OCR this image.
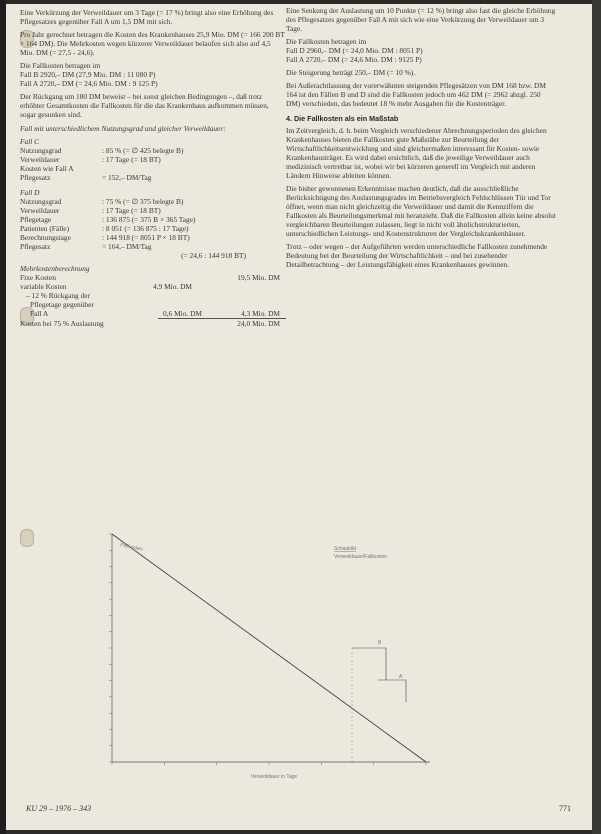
Eine Verkürzung der Verweildauer um 3 Tage (= 17 %) bringt also eine Erhöhung des Pflegesatzes gegenüber Fall A um 1,5 DM mit sich.

Pro Jahr gerechnet betragen die Kosten des Krankenhauses 25,9 Mio. DM (= 166 200 BT × 164 DM). Die Mehrkosten wegen kürzerer Verweildauer belaufen sich also auf 4,5 Mio. DM (= 27,5 - 24,6).

Die Fallkosten betragen im
Fall B 2920,– DM (27,9 Mio. DM : 11 080 P)
Fall A 2720,– DM (= 24,6 Mio. DM : 9 125 P)

Der Rückgang um 180 DM beweist – bei sonst gleichen Bedingungen –, daß trotz erhöhter Gesamtkosten die Fallkosten für die das Krankenhaus aufkommen müssen, sogar gesunken sind.

Fall mit unterschiedlichem Nutzungsgrad und gleicher Verweildauer:

Fall C
Nutzungsgrad	: 85 % (= ∅ 425 belegte B)
Verweildauer	: 17 Tage (= 18 BT)
Kosten wie Fall A
Pflegesatz	= 152,– DM/Tag
Fall D
Nutzungsgrad	: 75 % (= ∅ 375 belegte B)
Verweildauer	: 17 Tage (= 18 BT)
Pflegetage	: 136 875 (= 375 B × 365 Tage)
Patienten (Fälle)	: 8 051 (= 136 875 : 17 Tage)
Berechnungstage	: 144 918 (= 8051 P × 18 BT)
Pflegesatz	= 164,– DM/Tag
(= 24,6 : 144 918 BT)
Mehrkostenberechnung
Fixe Kosten	19,5 Mio. DM
variable Kosten	4,9 Mio. DM
– 12 % Rückgang der
Pflegetage gegenüber
Fall A	0,6 Mio. DM	4,3 Mio. DM
Kosten bei 75 % Auslastung	24,0 Mio. DM

Eine Senkung der Auslastung um 10 Punkte (= 12 %) bringt also fast die gleiche Erhöhung des Pflegesatzes gegenüber Fall A mit sich wie eine Verkürzung der Verweildauer um 3 Tage.

Die Fallkosten betragen im
Fall D 2960,– DM (= 24,0 Mio. DM : 8051 P)
Fall A 2720,– DM (= 24,6 Mio. DM : 9125 P)

Die Steigerung beträgt 250,– DM (= 10 %).

Bei Außerachtlassung der vorerwähnten steigenden Pflegesätzen von DM 168 bzw. DM 164 ist den Fällen B und D sind die Fallkosten jedoch um 462 DM (= 2962 abzgl. 250 DM) verschieden, das bedeutet 18 % mehr Ausgaben für die Kostenträger.

4. Die Fallkosten als ein Maßstab

Im Zeitvergleich, d. h. beim Vergleich verschiedener Abrechnungsperioden des gleichen Krankenhauses bieten die Fallkosten gute Maßstäbe zur Beurteilung der Wirtschaftlichkeitsentwicklung und sind gleichermaßen interessant für Kosten- sowie Krankenhausträger. Es wird dabei ersichtlich, daß die jeweilige Verweildauer auch medizinisch vertretbar ist, wobei wir bei kürzeren generell im Vergleich mit anderen Ländern Hinweise ableiten können.

Die bisher gewonnenen Erkenntnisse machen deutlich, daß die ausschließliche Berücksichtigung des Auslastungsgrades im Betriebsvergleich Fehlschlüssen Tür und Tor öffnet, wenn man nicht gleichzeitig die Verweildauer und damit die Kennziffern die Fallkosten als Beurteilungsmerkmal mit heranzieht. Daß die Fallkosten allein keine absolut vergleichbaren Beurteilungen zulassen, liegt in nicht voll ähnlichstrukturierten, unterschiedlichen Leistungs- und Kostenstrukturen der Vergleichskrankenhäuser.

Trotz – oder wegen – der Aufgeführten werden unterschiedliche Fallkosten zunehmende Bedeutung bei der Beurteilung der Wirtschaftlichkeit – und bei zusehender Detailbetrachtung – der Leistungsfähigkeit eines Krankenhauses gewinnen.

Verweildauer in Tage
Fallkosten	Schaubild
Verweildauer/Fallkosten
B
A
KU 29 – 1976 – 343	771
